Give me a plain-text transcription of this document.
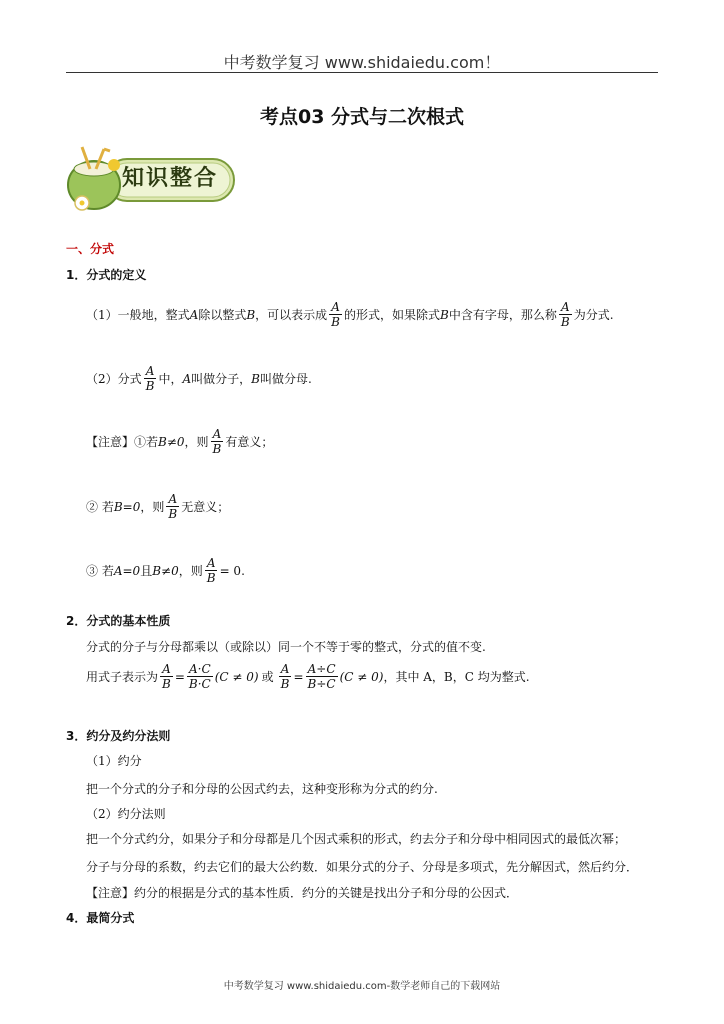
中考数学复习 www.shidaiedu.com！
考点03 分式与二次根式
知识整合
一、分式
1．分式的定义
（1）一般地，整式 A 除以整式 B ，可以表示成 $\frac{A}{B}$ 的形式，如果除式 B 中含有字母，那么称 $\frac{A}{B}$ 为分式.
（2）分式 $\frac{A}{B}$ 中， A 叫做分子， B 叫做分母.
【注意】①若 B≠0 ，则 $\frac{A}{B}$ 有意义；
② 若 B=0 ，则 $\frac{A}{B}$ 无意义；
③ 若 A=0 且 B≠0 ，则 $\frac{A}{B} = 0$.
2．分式的基本性质
分式的分子与分母都乘以（或除以）同一个不等于零的整式，分式的值不变.
用式子表示为 $\frac{A}{B} = \frac{A\cdot C}{B\cdot C} (C \ne 0)$ 或 $\frac{A}{B} = \frac{A\div C}{B\div C} (C \ne 0)$ ，其中 A，B，C 均为整式.
3．约分及约分法则
（1）约分
把一个分式的分子和分母的公因式约去，这种变形称为分式的约分.
（2）约分法则
把一个分式约分，如果分子和分母都是几个因式乘积的形式，约去分子和分母中相同因式的最低次幂；
分子与分母的系数，约去它们的最大公约数．如果分式的分子、分母是多项式，先分解因式，然后约分．
【注意】约分的根据是分式的基本性质．约分的关键是找出分子和分母的公因式．
4．最简分式
中考数学复习 www.shidaiedu.com-数学老师自己的下载网站
